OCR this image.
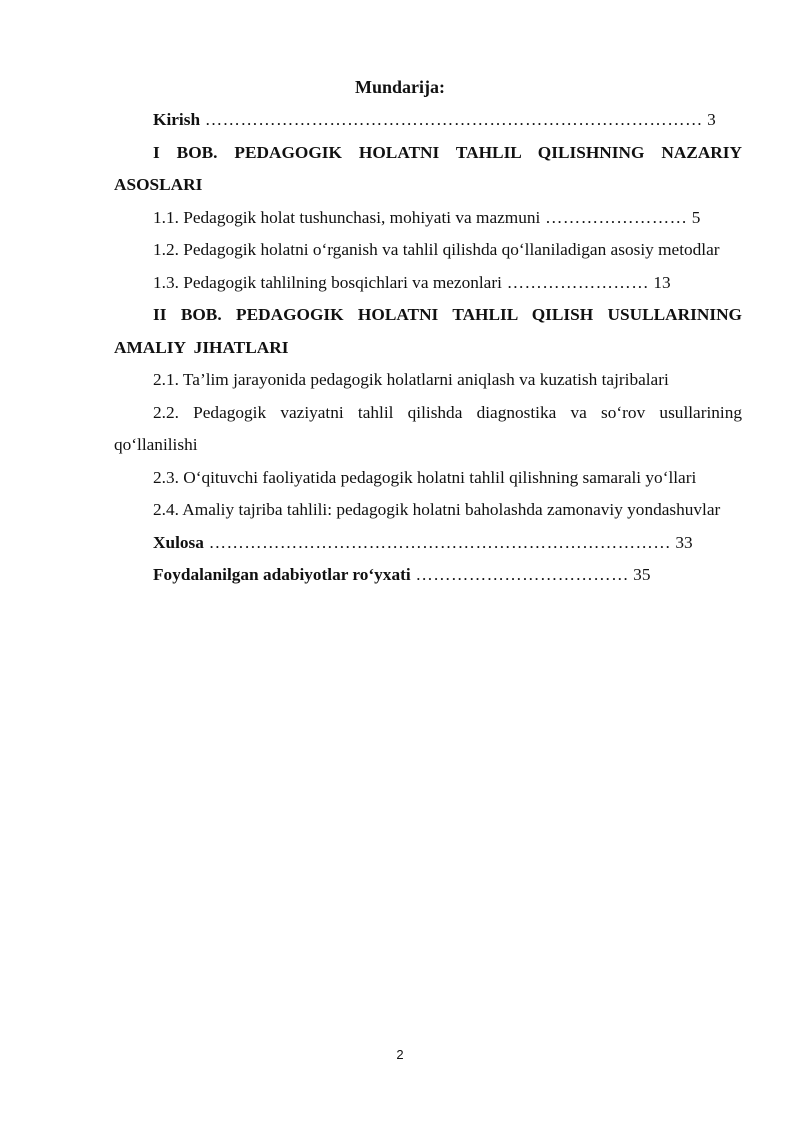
Mundarija:

Kirish ………………………………………………………………………… 3

I BOB. PEDAGOGIK HOLATNI TAHLIL QILISHNING NAZARIY ASOSLARI

1.1. Pedagogik holat tushunchasi, mohiyati va mazmuni …………………… 5

1.2. Pedagogik holatni o‘rganish va tahlil qilishda qo‘llaniladigan asosiy metodlar

1.3. Pedagogik tahlilning bosqichlari va mezonlari …………………… 13

II BOB. PEDAGOGIK HOLATNI TAHLIL QILISH USULLARINING AMALIY JIHATLARI

2.1. Ta’lim jarayonida pedagogik holatlarni aniqlash va kuzatish tajribalari

2.2. Pedagogik vaziyatni tahlil qilishda diagnostika va so‘rov usullarining qo‘llanilishi

2.3. O‘qituvchi faoliyatida pedagogik holatni tahlil qilishning samarali yo‘llari

2.4. Amaliy tajriba tahlili: pedagogik holatni baholashda zamonaviy yondashuvlar

Xulosa …………………………………………………………………… 33

Foydalanilgan adabiyotlar ro‘yxati ……………………………… 35

2
